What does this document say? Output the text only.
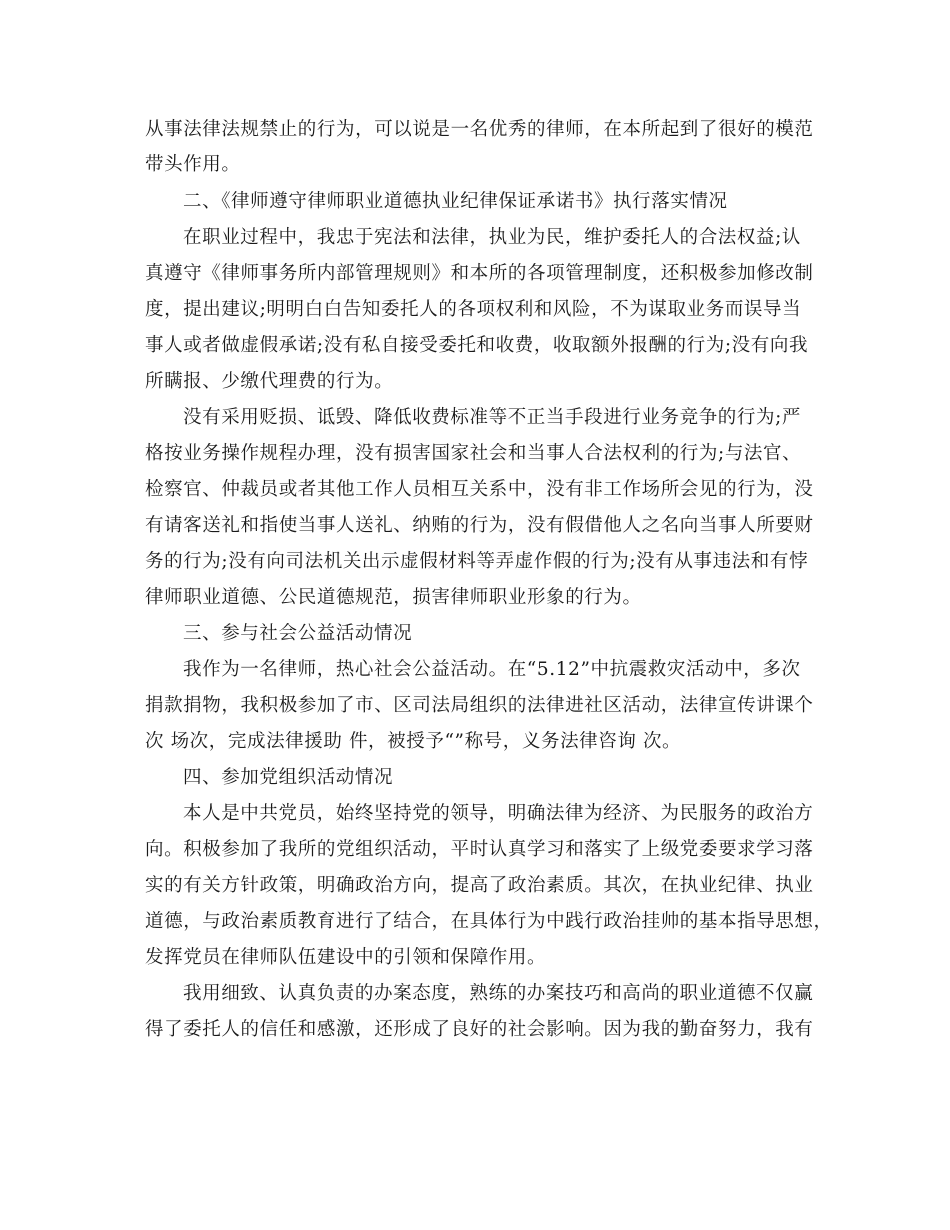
从事法律法规禁止的行为，可以说是一名优秀的律师，在本所起到了很好的模范
带头作用。
二、《律师遵守律师职业道德执业纪律保证承诺书》执行落实情况
在职业过程中，我忠于宪法和法律，执业为民，维护委托人的合法权益;认
真遵守《律师事务所内部管理规则》和本所的各项管理制度，还积极参加修改制
度，提出建议;明明白白告知委托人的各项权利和风险，不为谋取业务而误导当
事人或者做虚假承诺;没有私自接受委托和收费，收取额外报酬的行为;没有向我
所瞒报、少缴代理费的行为。
没有采用贬损、诋毁、降低收费标准等不正当手段进行业务竞争的行为;严
格按业务操作规程办理，没有损害国家社会和当事人合法权利的行为;与法官、
检察官、仲裁员或者其他工作人员相互关系中，没有非工作场所会见的行为，没
有请客送礼和指使当事人送礼、纳贿的行为，没有假借他人之名向当事人所要财
务的行为;没有向司法机关出示虚假材料等弄虚作假的行为;没有从事违法和有悖
律师职业道德、公民道德规范，损害律师职业形象的行为。
三、参与社会公益活动情况
我作为一名律师，热心社会公益活动。在“5.12”中抗震救灾活动中，多次
捐款捐物，我积极参加了市、区司法局组织的法律进社区活动，法律宣传讲课个
次 场次，完成法律援助 件，被授予“”称号，义务法律咨询 次。
四、参加党组织活动情况
本人是中共党员，始终坚持党的领导，明确法律为经济、为民服务的政治方
向。积极参加了我所的党组织活动，平时认真学习和落实了上级党委要求学习落
实的有关方针政策，明确政治方向，提高了政治素质。其次，在执业纪律、执业
道德，与政治素质教育进行了结合，在具体行为中践行政治挂帅的基本指导思想，
发挥党员在律师队伍建设中的引领和保障作用。
我用细致、认真负责的办案态度，熟练的办案技巧和高尚的职业道德不仅赢
得了委托人的信任和感激，还形成了良好的社会影响。因为我的勤奋努力，我有
